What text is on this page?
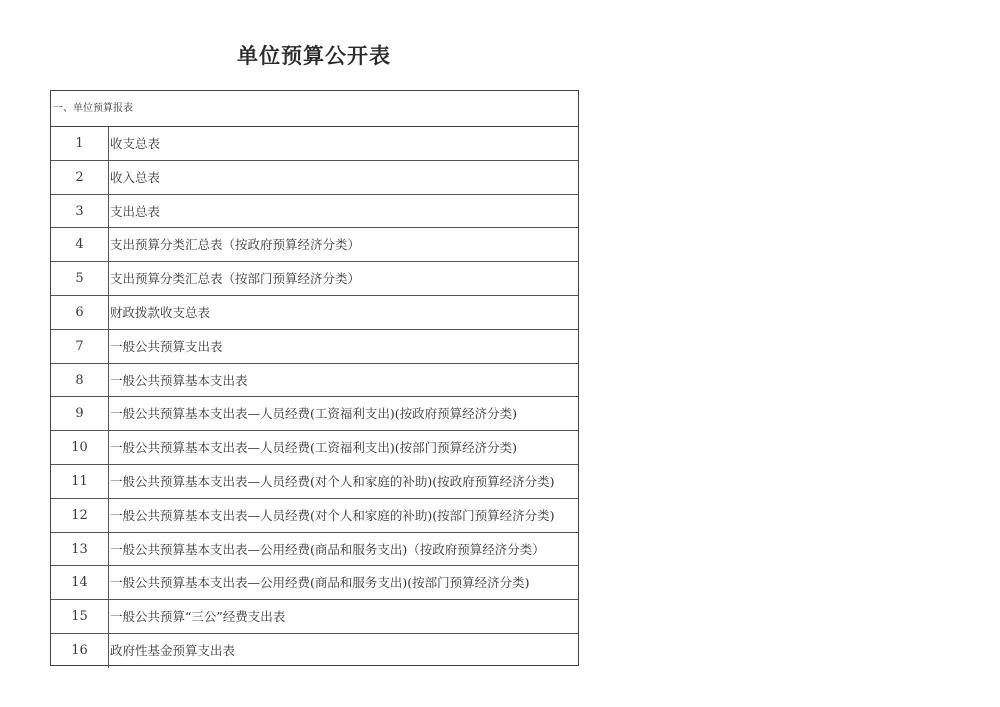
单位预算公开表
一、单位预算报表
1	收支总表
2	收入总表
3	支出总表
4	支出预算分类汇总表（按政府预算经济分类）
5	支出预算分类汇总表（按部门预算经济分类）
6	财政拨款收支总表
7	一般公共预算支出表
8	一般公共预算基本支出表
9	一般公共预算基本支出表—人员经费(工资福利支出)(按政府预算经济分类)
10	一般公共预算基本支出表—人员经费(工资福利支出)(按部门预算经济分类)
11	一般公共预算基本支出表—人员经费(对个人和家庭的补助)(按政府预算经济分类)
12	一般公共预算基本支出表—人员经费(对个人和家庭的补助)(按部门预算经济分类)
13	一般公共预算基本支出表—公用经费(商品和服务支出)（按政府预算经济分类）
14	一般公共预算基本支出表—公用经费(商品和服务支出)(按部门预算经济分类)
15	一般公共预算“三公”经费支出表
16	政府性基金预算支出表
